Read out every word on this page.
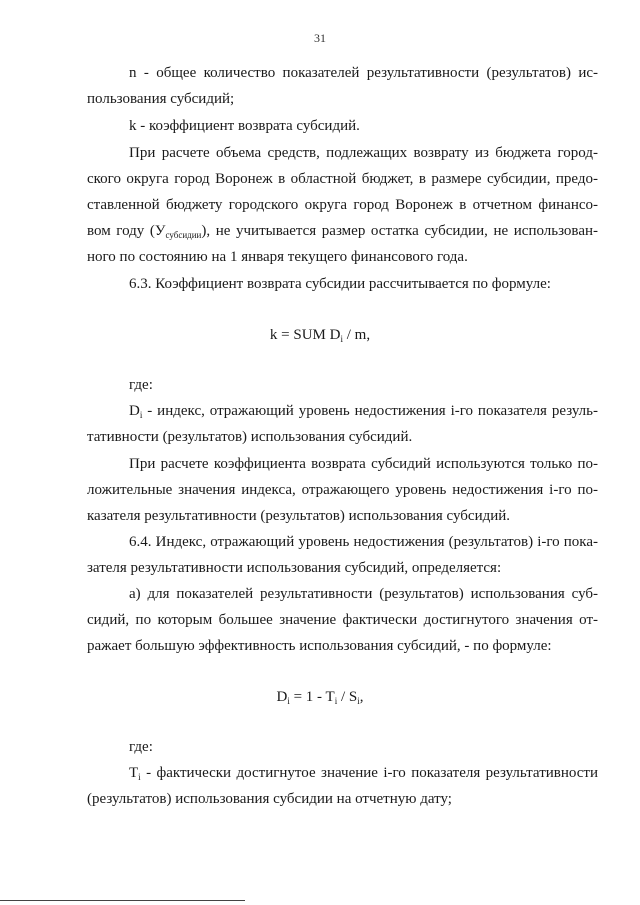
31
n - общее количество показателей результативности (результатов) ис-
пользования субсидий;
k - коэффициент возврата субсидий.
При расчете объема средств, подлежащих возврату из бюджета город-
ского округа город Воронеж в областной бюджет, в размере субсидии, предо-
ставленной бюджету городского округа город Воронеж в отчетном финансо-
вом году $(У_{субсидии})$, не учитывается размер остатка субсидии, не использован-
ного по состоянию на 1 января текущего финансового года.
6.3. Коэффициент возврата субсидии рассчитывается по формуле:
k = SUM $D_i$ / m,
где:
$D_i$ - индекс, отражающий уровень недостижения i-го показателя резуль-
тативности (результатов) использования субсидий.
При расчете коэффициента возврата субсидий используются только по-
ложительные значения индекса, отражающего уровень недостижения i-го по-
казателя результативности (результатов) использования субсидий.
6.4. Индекс, отражающий уровень недостижения (результатов) i-го пока-
зателя результативности использования субсидий, определяется:
а) для показателей результативности (результатов) использования суб-
сидий, по которым большее значение фактически достигнутого значения от-
ражает большую эффективность использования субсидий, - по формуле:
$D_i = 1 - T_i / S_i$,
где:
$T_i$ - фактически достигнутое значение i-го показателя результативности
(результатов) использования субсидии на отчетную дату;
